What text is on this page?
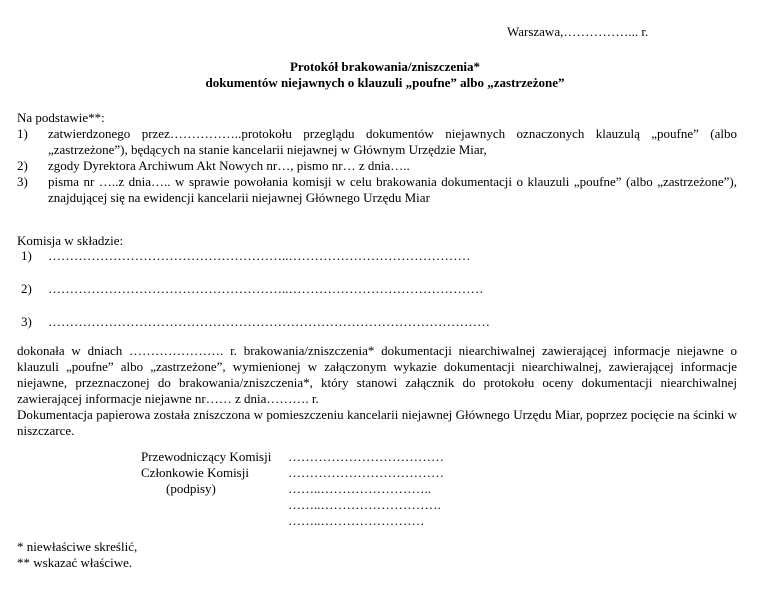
Warszawa,……………... r.
Protokół brakowania/zniszczenia*
dokumentów niejawnych o klauzuli „poufne” albo „zastrzeżone”
Na podstawie**:
1) zatwierdzonego przez……………..protokołu przeglądu dokumentów niejawnych oznaczonych klauzulą „poufne” (albo „zastrzeżone”), będących na stanie kancelarii niejawnej w Głównym Urzędzie Miar,
2) zgody Dyrektora Archiwum Akt Nowych nr…, pismo nr… z dnia…..
3) pisma nr …..z dnia….. w sprawie powołania komisji w celu brakowania dokumentacji o klauzuli „poufne” (albo „zastrzeżone”), znajdującej się na ewidencji kancelarii niejawnej Głównego Urzędu Miar
Komisja w składzie:
1) ………………………………………………..……………………………………
2) ………………………………………………..………………………………………
3) …………………………………………………………………………………………
dokonała w dniach …………………. r. brakowania/zniszczenia* dokumentacji niearchiwalnej zawierającej informacje niejawne o klauzuli „poufne” albo „zastrzeżone”, wymienionej w załączonym wykazie dokumentacji niearchiwalnej, zawierającej informacje niejawne, przeznaczonej do brakowania/zniszczenia*, który stanowi załącznik do protokołu oceny dokumentacji niearchiwalnej zawierającej informacje niejawne nr…… z dnia………. r.
Dokumentacja papierowa została zniszczona w pomieszczeniu kancelarii niejawnej Głównego Urzędu Miar, poprzez pocięcie na ścinki w niszczarce.
Przewodniczący Komisji
Członkowie Komisji
(podpisy)
………………………………
………………………………
……..……………………..
……..……………………….
……..……………………
* niewłaściwe skreślić,
** wskazać właściwe.
